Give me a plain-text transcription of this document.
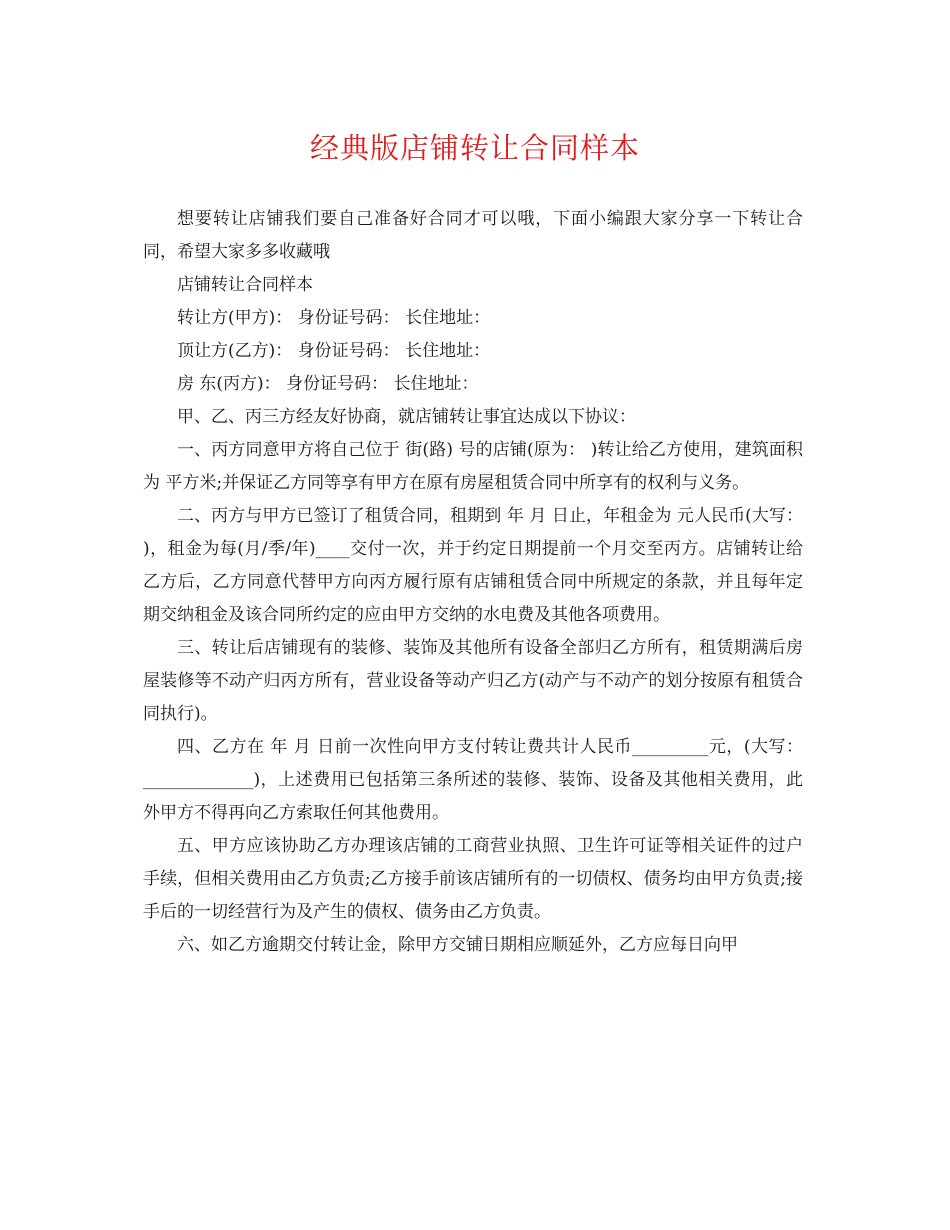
经典版店铺转让合同样本

想要转让店铺我们要自己准备好合同才可以哦，下面小编跟大家分享一下转让合同，希望大家多多收藏哦

店铺转让合同样本

转让方(甲方)： 身份证号码： 长住地址：

顶让方(乙方)： 身份证号码： 长住地址：

房 东(丙方)： 身份证号码： 长住地址：

甲、乙、丙三方经友好协商，就店铺转让事宜达成以下协议：

一、丙方同意甲方将自己位于 街(路) 号的店铺(原为： )转让给乙方使用，建筑面积为 平方米;并保证乙方同等享有甲方在原有房屋租赁合同中所享有的权利与义务。

二、丙方与甲方已签订了租赁合同，租期到 年 月 日止，年租金为 元人民币(大写： )，租金为每(月/季/年)____交付一次，并于约定日期提前一个月交至丙方。店铺转让给乙方后，乙方同意代替甲方向丙方履行原有店铺租赁合同中所规定的条款，并且每年定期交纳租金及该合同所约定的应由甲方交纳的水电费及其他各项费用。

三、转让后店铺现有的装修、装饰及其他所有设备全部归乙方所有，租赁期满后房屋装修等不动产归丙方所有，营业设备等动产归乙方(动产与不动产的划分按原有租赁合同执行)。

四、乙方在 年 月 日前一次性向甲方支付转让费共计人民币_________元，(大写：_____________)，上述费用已包括第三条所述的装修、装饰、设备及其他相关费用，此外甲方不得再向乙方索取任何其他费用。

五、甲方应该协助乙方办理该店铺的工商营业执照、卫生许可证等相关证件的过户手续，但相关费用由乙方负责;乙方接手前该店铺所有的一切债权、债务均由甲方负责;接手后的一切经营行为及产生的债权、债务由乙方负责。

六、如乙方逾期交付转让金，除甲方交铺日期相应顺延外，乙方应每日向甲
